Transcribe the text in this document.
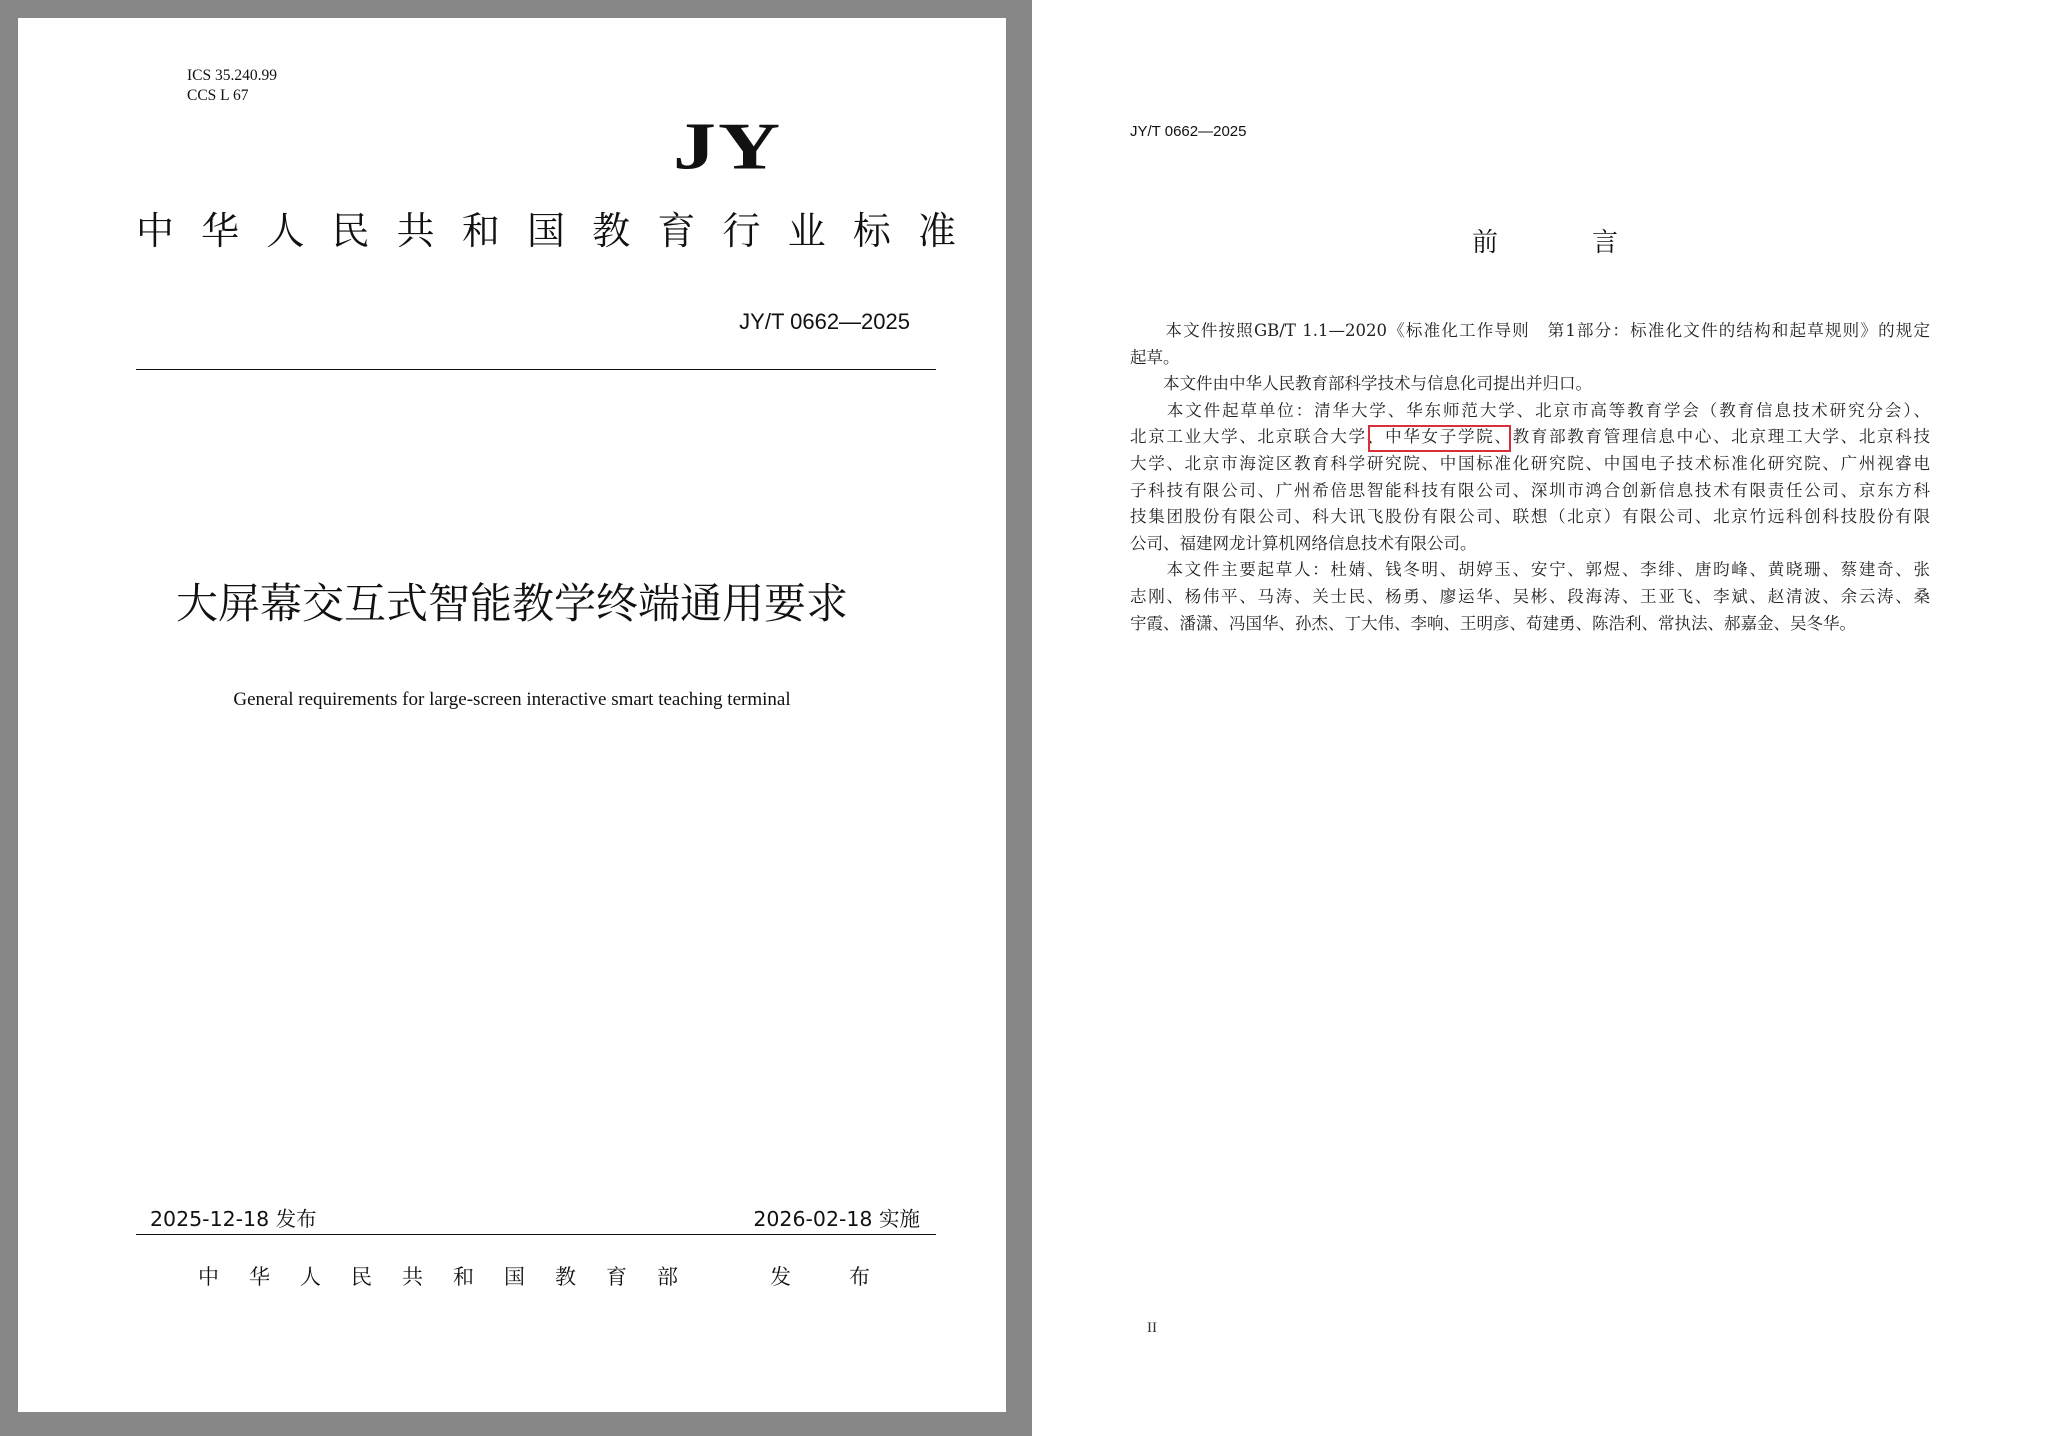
ICS 35.240.99
CCS L 67
JY
中华人民共和国教育行业标准
JY/T 0662—2025
大屏幕交互式智能教学终端通用要求
General requirements for large-screen interactive smart teaching terminal
2025-12-18 发布	2026-02-18 实施
中华人民共和国教育部	发布
JY/T 0662—2025
前言
　　本文件按照GB/T 1.1—2020《标准化工作导则　第1部分：标准化文件的结构和起草规则》的规定
起草。
　　本文件由中华人民教育部科学技术与信息化司提出并归口。
　　本文件起草单位：清华大学、华东师范大学、北京市高等教育学会（教育信息技术研究分会）、
北京工业大学、北京联合大学、中华女子学院、教育部教育管理信息中心、北京理工大学、北京科技
大学、北京市海淀区教育科学研究院、中国标准化研究院、中国电子技术标准化研究院、广州视睿电
子科技有限公司、广州希倍思智能科技有限公司、深圳市鸿合创新信息技术有限责任公司、京东方科
技集团股份有限公司、科大讯飞股份有限公司、联想（北京）有限公司、北京竹远科创科技股份有限
公司、福建网龙计算机网络信息技术有限公司。
　　本文件主要起草人：杜婧、钱冬明、胡婷玉、安宁、郭煜、李绯、唐昀峰、黄晓珊、蔡建奇、张
志刚、杨伟平、马涛、关士民、杨勇、廖运华、吴彬、段海涛、王亚飞、李斌、赵清波、余云涛、桑
宇霞、潘潇、冯国华、孙杰、丁大伟、李响、王明彦、荀建勇、陈浩利、常执法、郝嘉金、吴冬华。
II
